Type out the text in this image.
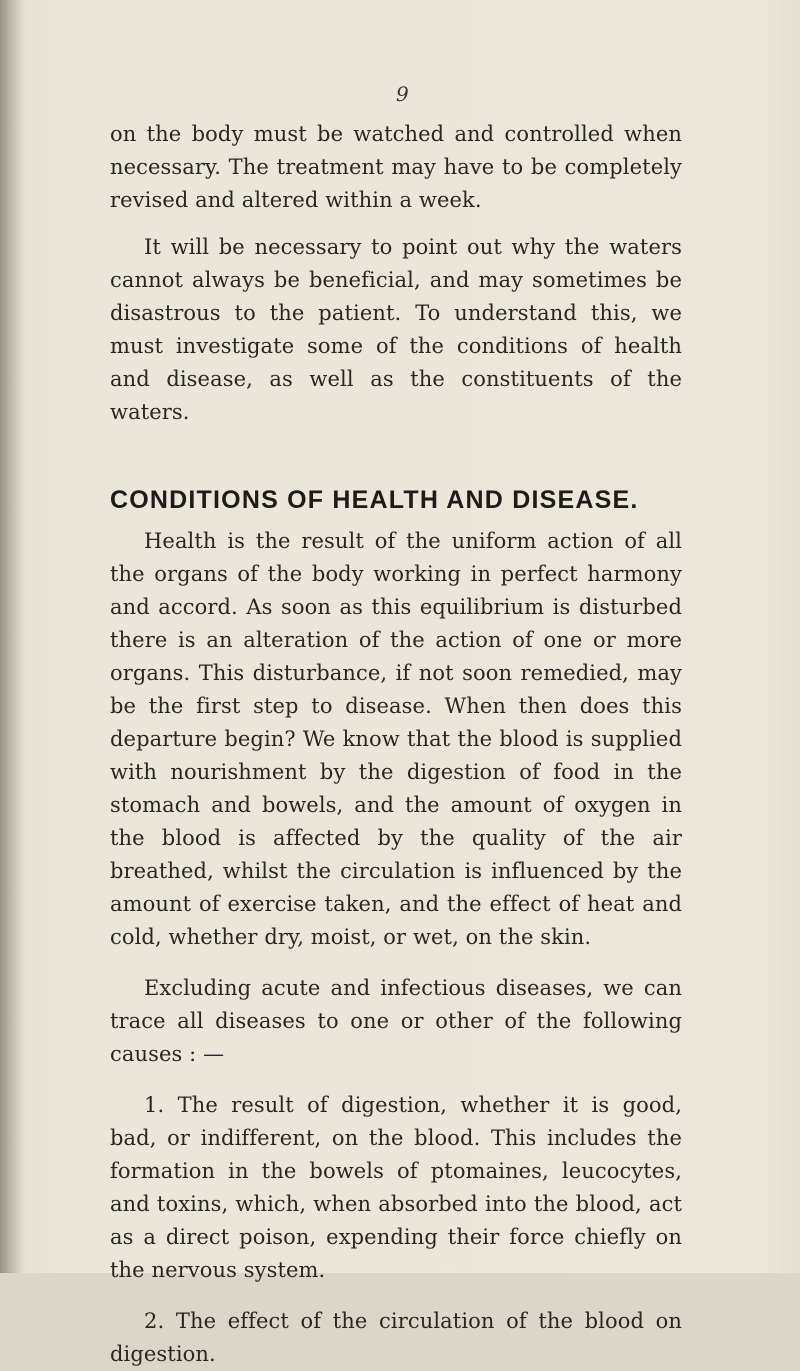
9

on the body must be watched and controlled when necessary. The treatment may have to be completely revised and altered within a week.

It will be necessary to point out why the waters cannot always be beneficial, and may sometimes be disastrous to the patient. To understand this, we must investigate some of the conditions of health and disease, as well as the constituents of the waters.

CONDITIONS OF HEALTH AND DISEASE.

Health is the result of the uniform action of all the organs of the body working in perfect harmony and accord. As soon as this equilibrium is disturbed there is an alteration of the action of one or more organs. This disturbance, if not soon remedied, may be the first step to disease. When then does this departure begin? We know that the blood is supplied with nourishment by the digestion of food in the stomach and bowels, and the amount of oxygen in the blood is affected by the quality of the air breathed, whilst the circulation is influenced by the amount of exercise taken, and the effect of heat and cold, whether dry, moist, or wet, on the skin.

Excluding acute and infectious diseases, we can trace all diseases to one or other of the following causes : —

1. The result of digestion, whether it is good, bad, or indifferent, on the blood. This includes the formation in the bowels of ptomaines, leucocytes, and toxins, which, when absorbed into the blood, act as a direct poison, expending their force chiefly on the nervous system.

2. The effect of the circulation of the blood on digestion.
